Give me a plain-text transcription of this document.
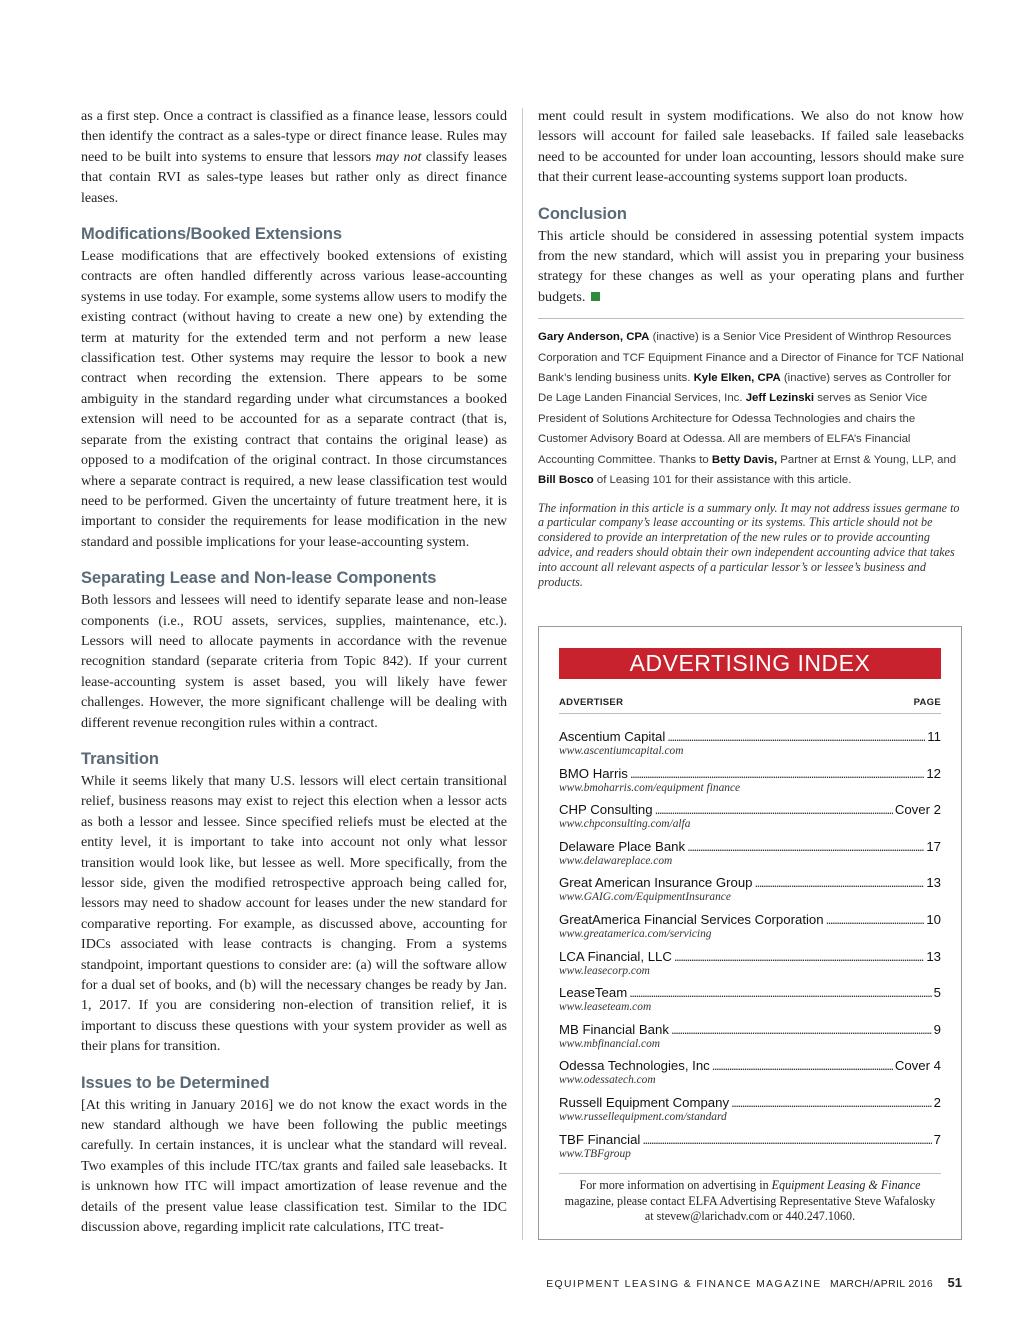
as a first step. Once a contract is classified as a finance lease, lessors could then identify the contract as a sales-type or direct finance lease. Rules may need to be built into systems to ensure that lessors may not classify leases that contain RVI as sales-type leases but rather only as direct finance leases.

Modifications/Booked Extensions

Lease modifications that are effectively booked extensions of existing contracts are often handled differently across various lease-accounting systems in use today. For example, some systems allow users to modify the existing contract (without having to create a new one) by extending the term at maturity for the extended term and not perform a new lease classification test. Other systems may require the lessor to book a new contract when recording the extension. There appears to be some ambiguity in the standard regarding under what circumstances a booked extension will need to be accounted for as a separate contract (that is, separate from the existing contract that contains the original lease) as opposed to a modifcation of the original contract. In those circumstances where a separate contract is required, a new lease classification test would need to be performed. Given the uncertainty of future treatment here, it is important to consider the requirements for lease modification in the new standard and possible implications for your lease-accounting system.

Separating Lease and Non-lease Components

Both lessors and lessees will need to identify separate lease and non-lease components (i.e., ROU assets, services, supplies, maintenance, etc.). Lessors will need to allocate payments in accordance with the revenue recognition standard (separate criteria from Topic 842). If your current lease-accounting system is asset based, you will likely have fewer challenges. However, the more significant challenge will be dealing with different revenue recongition rules within a contract.

Transition

While it seems likely that many U.S. lessors will elect certain transitional relief, business reasons may exist to reject this election when a lessor acts as both a lessor and lessee. Since specified reliefs must be elected at the entity level, it is important to take into account not only what lessor transition would look like, but lessee as well. More specifically, from the lessor side, given the modified retrospective approach being called for, lessors may need to shadow account for leases under the new standard for comparative reporting. For example, as discussed above, accounting for IDCs associated with lease contracts is changing. From a systems standpoint, important questions to consider are: (a) will the software allow for a dual set of books, and (b) will the necessary changes be ready by Jan. 1, 2017. If you are considering non-election of transition relief, it is important to discuss these questions with your system provider as well as their plans for transition.

Issues to be Determined

[At this writing in January 2016] we do not know the exact words in the new standard although we have been following the public meetings carefully. In certain instances, it is unclear what the standard will reveal. Two examples of this include ITC/tax grants and failed sale leasebacks. It is unknown how ITC will impact amortization of lease revenue and the details of the present value lease classification test. Similar to the IDC discussion above, regarding implicit rate calculations, ITC treat-

ment could result in system modifications. We also do not know how lessors will account for failed sale leasebacks. If failed sale leasebacks need to be accounted for under loan accounting, lessors should make sure that their current lease-accounting systems support loan products.

Conclusion

This article should be considered in assessing potential system impacts from the new standard, which will assist you in preparing your business strategy for these changes as well as your operating plans and further budgets.

Gary Anderson, CPA (inactive) is a Senior Vice President of Winthrop Resources Corporation and TCF Equipment Finance and a Director of Finance for TCF National Bank’s lending business units. Kyle Elken, CPA (inactive) serves as Controller for De Lage Landen Financial Services, Inc. Jeff Lezinski serves as Senior Vice President of Solutions Architecture for Odessa Technologies and chairs the Customer Advisory Board at Odessa. All are members of ELFA’s Financial Accounting Committee. Thanks to Betty Davis, Partner at Ernst & Young, LLP, and Bill Bosco of Leasing 101 for their assistance with this article.

The information in this article is a summary only. It may not address issues germane to a particular company’s lease accounting or its systems. This article should not be considered to provide an interpretation of the new rules or to provide accounting advice, and readers should obtain their own independent accounting advice that takes into account all relevant aspects of a particular lessor’s or lessee’s business and products.

ADVERTISING INDEX
ADVERTISER	PAGE
Ascentium Capital . . .	11
www.ascentiumcapital.com
BMO Harris . . .	12
www.bmoharris.com/equipment finance
CHP Consulting . . .	Cover 2
www.chpconsulting.com/alfa
Delaware Place Bank . . .	17
www.delawareplace.com
Great American Insurance Group . . .	13
www.GAIG.com/EquipmentInsurance
GreatAmerica Financial Services Corporation . . .	10
www.greatamerica.com/servicing
LCA Financial, LLC . . .	13
www.leasecorp.com
LeaseTeam . . .	5
www.leaseteam.com
MB Financial Bank . . .	9
www.mbfinancial.com
Odessa Technologies, Inc . . .	Cover 4
www.odessatech.com
Russell Equipment Company . . .	2
www.russellequipment.com/standard
TBF Financial . . .	7
www.TBFgroup
For more information on advertising in Equipment Leasing & Finance magazine, please contact ELFA Advertising Representative Steve Wafalosky at stevew@larichadv.com or 440.247.1060.
EQUIPMENT LEASING & FINANCE MAGAZINE MARCH/APRIL 2016 51
